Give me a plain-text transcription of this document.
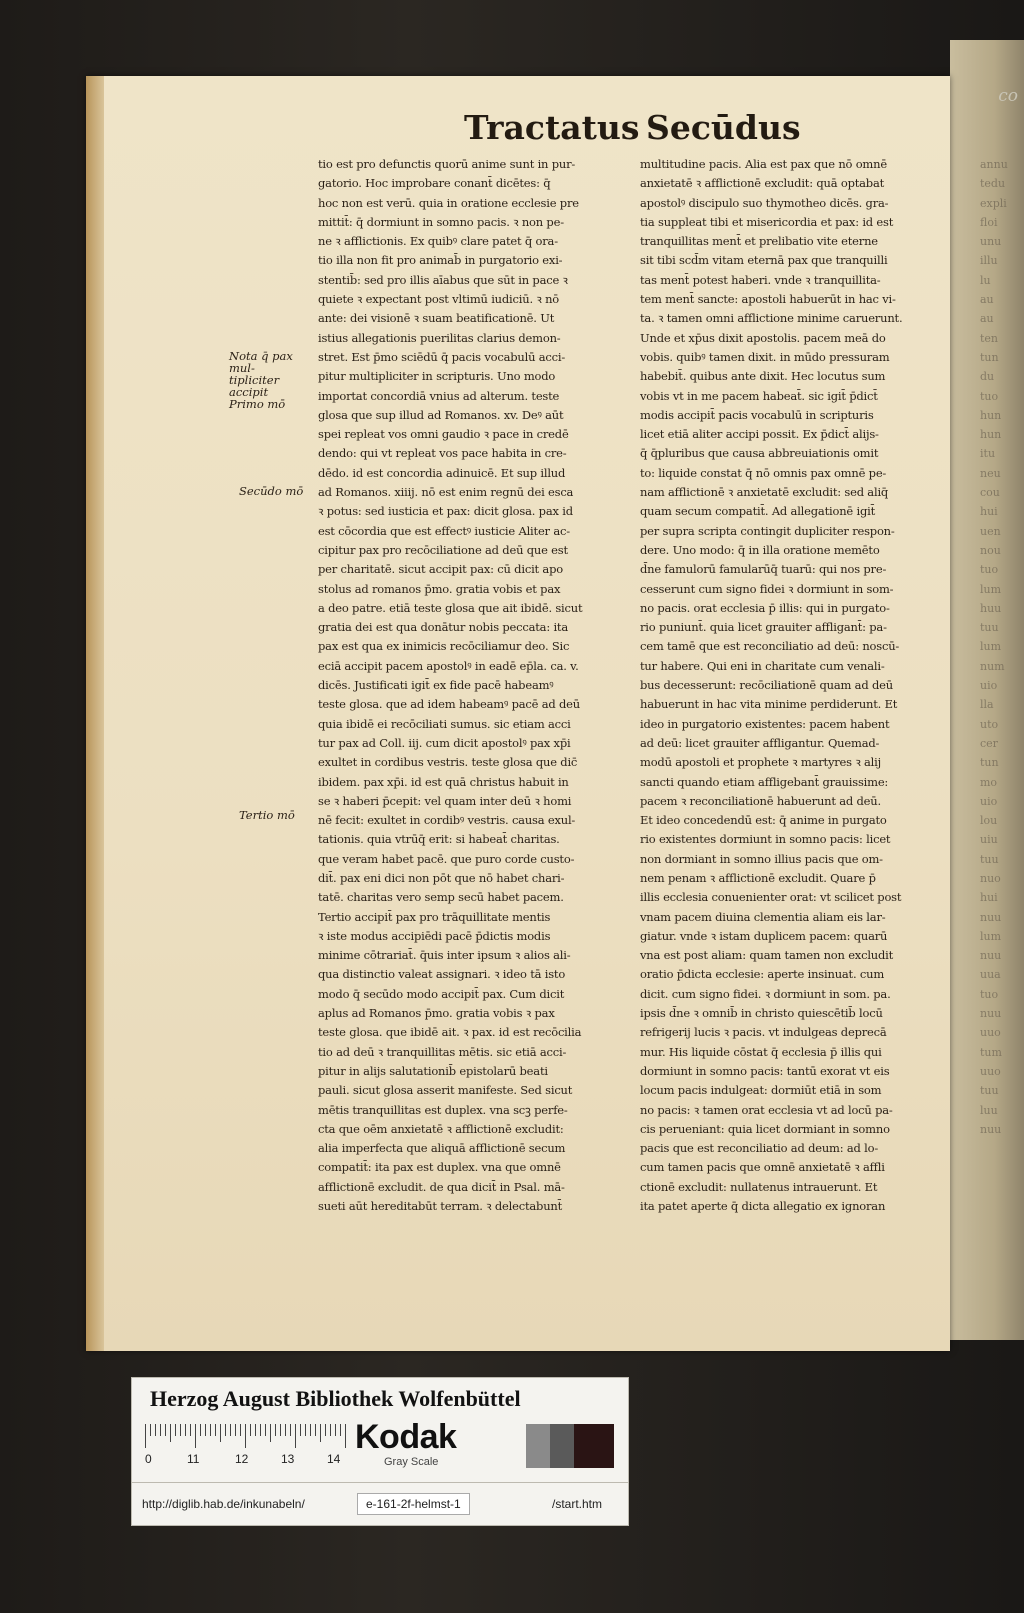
annu
tedu
expli
floi
unu
illu
lu
au
au
ten
tun
du
tuo
hun
hun
itu
neu
cou
hui
uen
nou
tuo
lum
huu
tuu
lum
num
uio
lla
uto
cer
tun
mo
uio
lou
uiu
tuu
nuo
hui
nuu
lum
nuu
uua
tuo
nuu
uuo
tum
uuo
tuu
luu
nuu
co
Tractatus Secūdus
Secūdo mō
Tertio mō
Nota q̄ pax mul-
tipliciter accipit
Primo mō

tio est pro defunctis quorū anime sunt in pur-
gatorio. Hoc improbare conant̄ dicētes: q̄
hoc non est verū. quia in oratione ecclesie pre
mittit̄: q̄ dormiunt in somno pacis. ꝛ non pe-
ne ꝛ afflictionis. Ex quibꝰ clare patet q̄ ora-
tio illa non fit pro animab̄ in purgatorio exi-
stentib̄: sed pro illis aīabus que sūt in pace ꝛ
quiete ꝛ expectant post vltimū iudiciū. ꝛ nō
ante: dei visionē ꝛ suam beatificationē. Ut
istius allegationis puerilitas clarius demon-
stret. Est p̄mo sciēdū q̄ pacis vocabulū acci-
pitur multipliciter in scripturis. Uno modo
importat concordiā vnius ad alterum. teste
glosa que sup illud ad Romanos. xv. Deꝰ aūt
spei repleat vos omni gaudio ꝛ pace in credē
dendo: qui vt repleat vos pace habita in cre-
dēdo. id est concordia adinuicē. Et sup illud
ad Romanos. xiiij. nō est enim regnū dei esca
ꝛ potus: sed iusticia et pax: dicit glosa. pax id
est cōcordia que est effectꝰ iusticie Aliter ac-
cipitur pax pro recōciliatione ad deū que est
per charitatē. sicut accipit pax: cū dicit apo
stolus ad romanos p̄mo. gratia vobis et pax
a deo patre. etiā teste glosa que ait ibidē. sicut
gratia dei est qua donātur nobis peccata: ita
pax est qua ex inimicis recōciliamur deo. Sic
eciā accipit pacem apostolꝰ in eadē ep̄la. ca. v.
dicēs. Justificati igit̄ ex fide pacē habeamꝰ
teste glosa. que ad idem habeamꝰ pacē ad deū
quia ibidē ei recōciliati sumus. sic etiam acci
tur pax ad Coll. iij. cum dicit apostolꝰ pax xp̄i
exultet in cordibus vestris. teste glosa que dic̄
ibidem. pax xp̄i. id est quā christus habuit in
se ꝛ haberi p̄cepit: vel quam inter deū ꝛ homi
nē fecit: exultet in cordibꝰ vestris. causa exul-
tationis. quia vtrūq̄ erit: si habeat̄ charitas.
que veram habet pacē. que puro corde custo-
dit̄. pax eni dici non pōt que nō habet chari-
tatē. charitas vero semp secū habet pacem.
Tertio accipit̄ pax pro trāquillitate mentis
ꝛ iste modus accipiēdi pacē p̄dictis modis
minime cōtrariat̄. q̄uis inter ipsum ꝛ alios ali-
qua distinctio valeat assignari. ꝛ ideo tā isto
modo q̄ secūdo modo accipit̄ pax. Cum dicit
aplus ad Romanos p̄mo. gratia vobis ꝛ pax
teste glosa. que ibidē ait. ꝛ pax. id est recōcilia
tio ad deū ꝛ tranquillitas mētis. sic etiā acci-
pitur in alijs salutationib̄ epistolarū beati
pauli. sicut glosa asserit manifeste. Sed sicut
mētis tranquillitas est duplex. vna scꝫ perfe-
cta que oēm anxietatē ꝛ afflictionē excludit:
alia imperfecta que aliquā afflictionē secum
compatit̄: ita pax est duplex. vna que omnē
afflictionē excludit. de qua dicit̄ in Psal. mā-
sueti aūt hereditabūt terram. ꝛ delectabunt̄

multitudine pacis. Alia est pax que nō omnē
anxietatē ꝛ afflictionē excludit: quā optabat
apostolꝰ discipulo suo thymotheo dicēs. gra-
tia suppleat tibi et misericordia et pax: id est
tranquillitas ment̄ et prelibatio vite eterne
sit tibi scd̄m vitam eternā pax que tranquilli
tas ment̄ potest haberi. vnde ꝛ tranquillita-
tem ment̄ sancte: apostoli habuerūt in hac vi-
ta. ꝛ tamen omni afflictione minime caruerunt.
Unde et xp̄us dixit apostolis. pacem meā do
vobis. quibꝰ tamen dixit. in mūdo pressuram
habebit̄. quibus ante dixit. Hec locutus sum
vobis vt in me pacem habeat̄. sic igit̄ p̄dict̄
modis accipit̄ pacis vocabulū in scripturis
licet etiā aliter accipi possit. Ex p̄dict̄ alijs-
q̄ q̄pluribus que causa abbreuiationis omit
to: liquide constat q̄ nō omnis pax omnē pe-
nam afflictionē ꝛ anxietatē excludit: sed aliq̄
quam secum compatit̄. Ad allegationē igit̄
per supra scripta contingit dupliciter respon-
dere. Uno modo: q̄ in illa oratione memēto
d̄ne famulorū famularūq̄ tuarū: qui nos pre-
cesserunt cum signo fidei ꝛ dormiunt in som-
no pacis. orat ecclesia p̄ illis: qui in purgato-
rio puniunt̄. quia licet grauiter affligant̄: pa-
cem tamē que est reconciliatio ad deū: noscū-
tur habere. Qui eni in charitate cum venali-
bus decesserunt: recōciliationē quam ad deū
habuerunt in hac vita minime perdiderunt. Et
ideo in purgatorio existentes: pacem habent
ad deū: licet grauiter affligantur. Quemad-
modū apostoli et prophete ꝛ martyres ꝛ alij
sancti quando etiam affligebant̄ grauissime:
pacem ꝛ reconciliationē habuerunt ad deū.
Et ideo concedendū est: q̄ anime in purgato
rio existentes dormiunt in somno pacis: licet
non dormiant in somno illius pacis que om-
nem penam ꝛ afflictionē excludit. Quare p̄
illis ecclesia conuenienter orat: vt scilicet post
vnam pacem diuina clementia aliam eis lar-
giatur. vnde ꝛ istam duplicem pacem: quarū
vna est post aliam: quam tamen non excludit
oratio p̄dicta ecclesie: aperte insinuat. cum
dicit. cum signo fidei. ꝛ dormiunt in som. pa.
ipsis d̄ne ꝛ omnib̄ in christo quiescētib̄ locū
refrigerij lucis ꝛ pacis. vt indulgeas deprecā
mur. His liquide cōstat q̄ ecclesia p̄ illis qui
dormiunt in somno pacis: tantū exorat vt eis
locum pacis indulgeat: dormiūt etiā in som
no pacis: ꝛ tamen orat ecclesia vt ad locū pa-
cis perueniant: quia licet dormiant in somno
pacis que est reconciliatio ad deum: ad lo-
cum tamen pacis que omnē anxietatē ꝛ affli
ctionē excludit: nullatenus intrauerunt. Et
ita patet aperte q̄ dicta allegatio ex ignoran

Herzog August Bibliothek Wolfenbüttel
0	11	12	13	14
Kodak
Gray Scale
http://diglib.hab.de/inkunabeln/	e-161-2f-helmst-1	/start.htm
